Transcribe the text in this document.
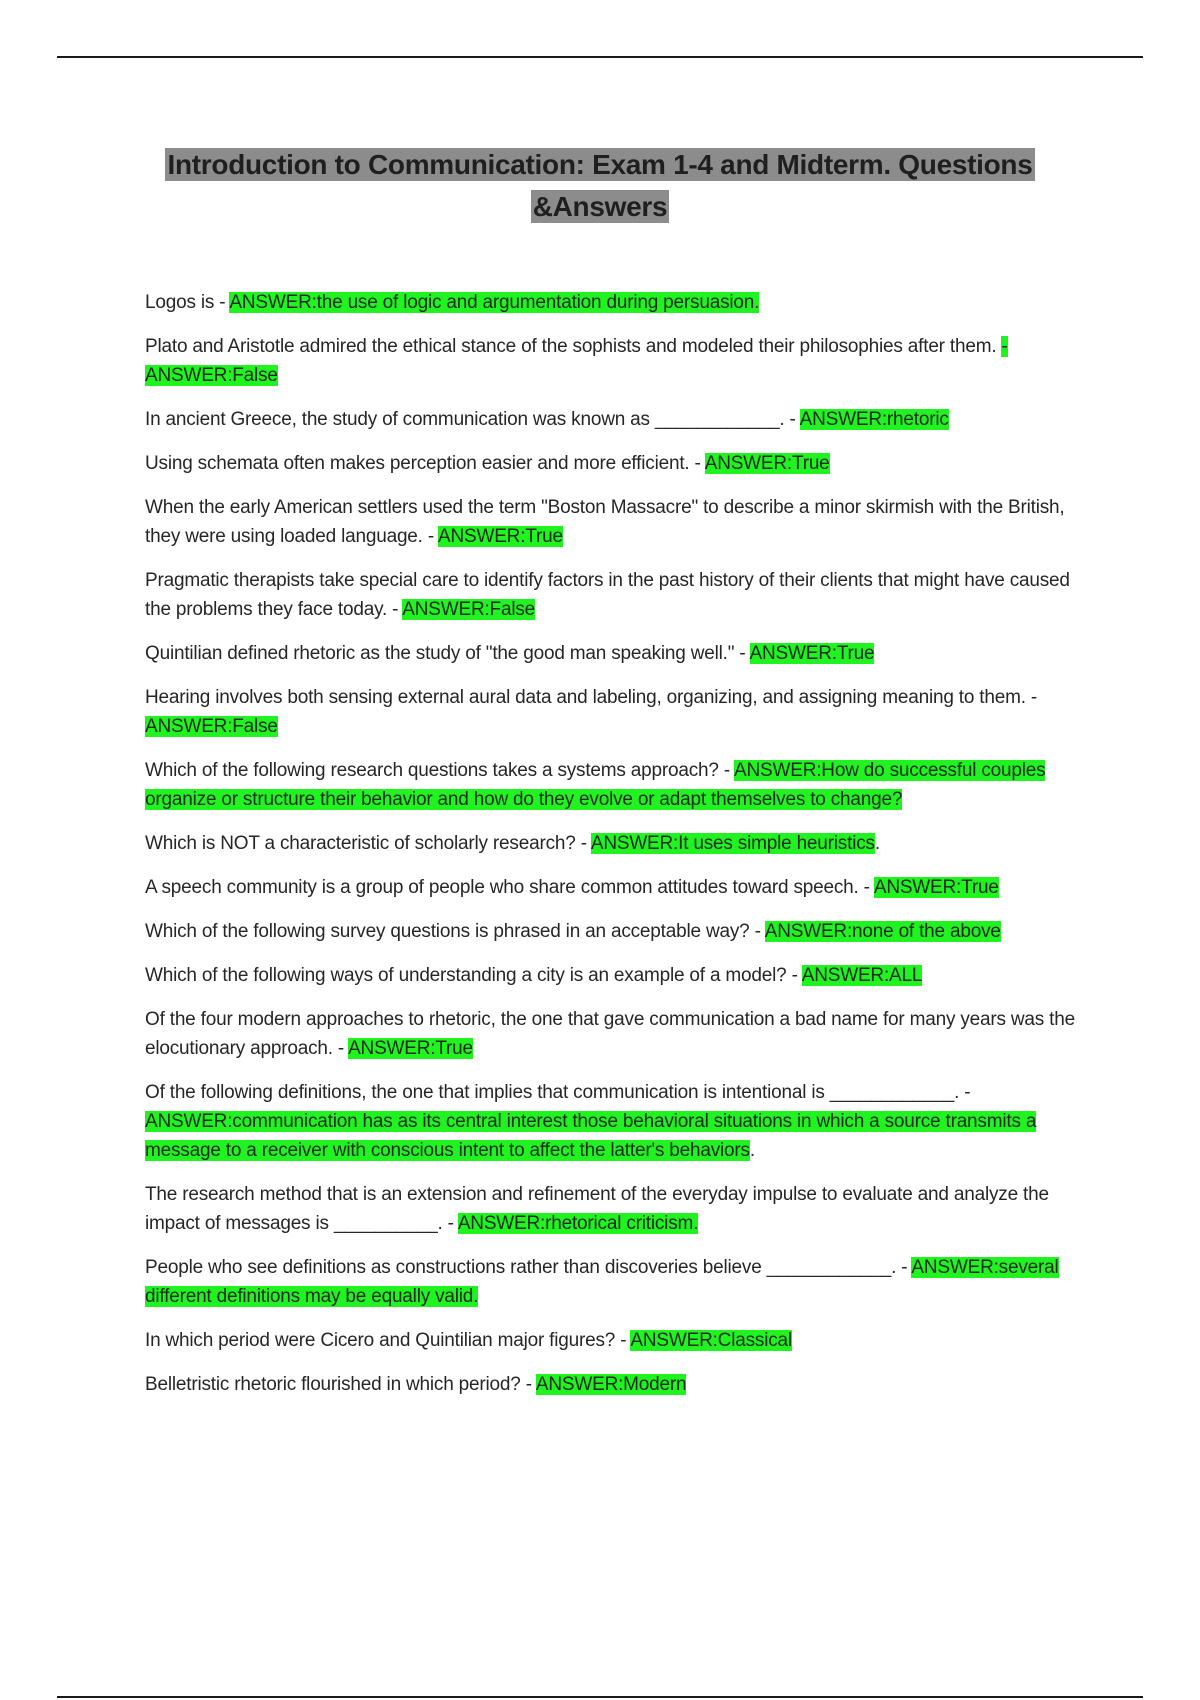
Introduction to Communication: Exam 1-4 and Midterm. Questions &Answers

Logos is - ANSWER:the use of logic and argumentation during persuasion.

Plato and Aristotle admired the ethical stance of the sophists and modeled their philosophies after them. - ANSWER:False

In ancient Greece, the study of communication was known as ____________. - ANSWER:rhetoric

Using schemata often makes perception easier and more efficient. - ANSWER:True

When the early American settlers used the term "Boston Massacre" to describe a minor skirmish with the British, they were using loaded language. - ANSWER:True

Pragmatic therapists take special care to identify factors in the past history of their clients that might have caused the problems they face today. - ANSWER:False

Quintilian defined rhetoric as the study of "the good man speaking well." - ANSWER:True

Hearing involves both sensing external aural data and labeling, organizing, and assigning meaning to them. - ANSWER:False

Which of the following research questions takes a systems approach? - ANSWER:How do successful couples organize or structure their behavior and how do they evolve or adapt themselves to change?

Which is NOT a characteristic of scholarly research? - ANSWER:It uses simple heuristics.

A speech community is a group of people who share common attitudes toward speech. - ANSWER:True

Which of the following survey questions is phrased in an acceptable way? - ANSWER:none of the above

Which of the following ways of understanding a city is an example of a model? - ANSWER:ALL

Of the four modern approaches to rhetoric, the one that gave communication a bad name for many years was the elocutionary approach. - ANSWER:True

Of the following definitions, the one that implies that communication is intentional is ____________. - ANSWER:communication has as its central interest those behavioral situations in which a source transmits a message to a receiver with conscious intent to affect the latter's behaviors.

The research method that is an extension and refinement of the everyday impulse to evaluate and analyze the impact of messages is __________. - ANSWER:rhetorical criticism.

People who see definitions as constructions rather than discoveries believe ____________. - ANSWER:several different definitions may be equally valid.

In which period were Cicero and Quintilian major figures? - ANSWER:Classical

Belletristic rhetoric flourished in which period? - ANSWER:Modern
